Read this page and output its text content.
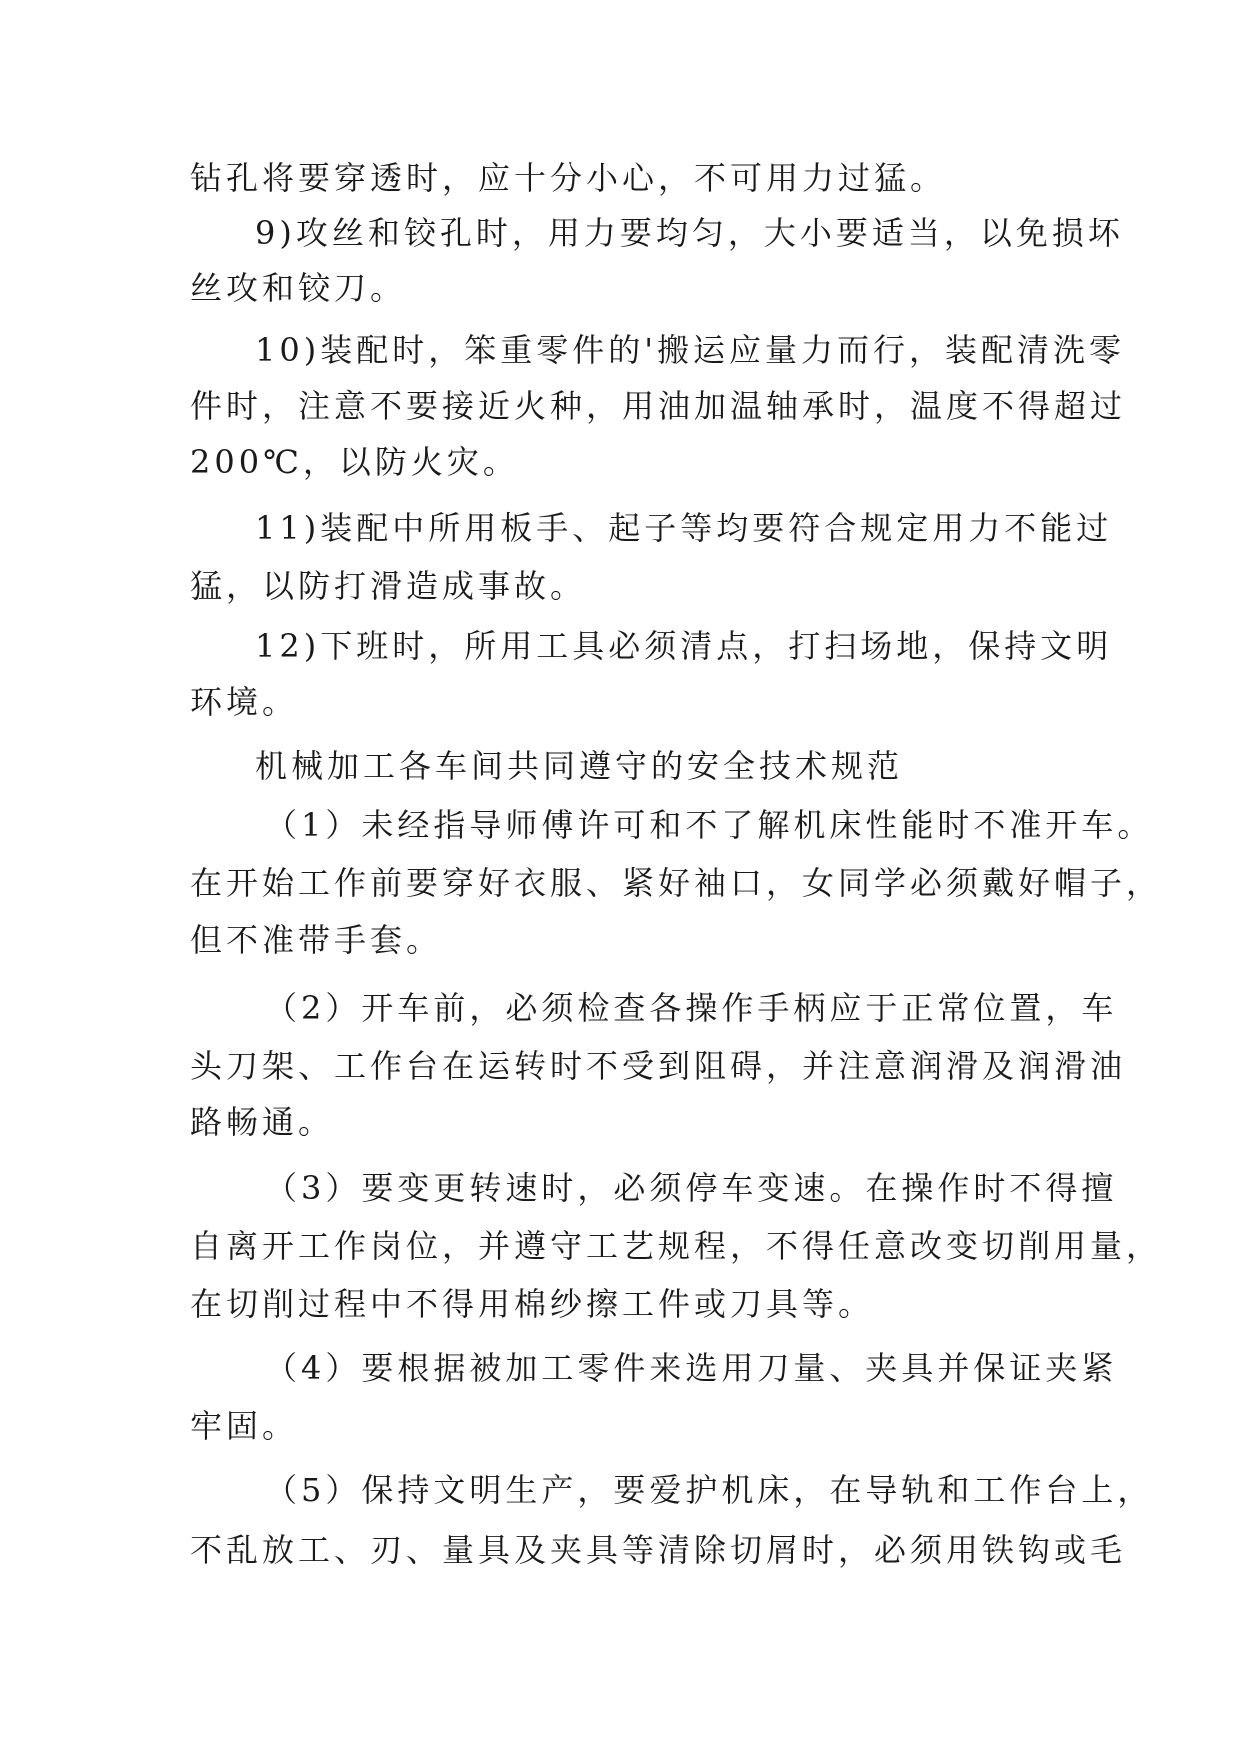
钻孔将要穿透时，应十分小心，不可用力过猛。

9)攻丝和铰孔时，用力要均匀，大小要适当，以免损坏

丝攻和铰刀。

10)装配时，笨重零件的'搬运应量力而行，装配清洗零

件时，注意不要接近火种，用油加温轴承时，温度不得超过

200℃，以防火灾。

11)装配中所用板手、起子等均要符合规定用力不能过

猛，以防打滑造成事故。

12)下班时，所用工具必须清点，打扫场地，保持文明

环境。

机械加工各车间共同遵守的安全技术规范

（1）未经指导师傅许可和不了解机床性能时不准开车。

在开始工作前要穿好衣服、紧好袖口，女同学必须戴好帽子，

但不准带手套。

（2）开车前，必须检查各操作手柄应于正常位置，车

头刀架、工作台在运转时不受到阻碍，并注意润滑及润滑油

路畅通。

（3）要变更转速时，必须停车变速。在操作时不得擅

自离开工作岗位，并遵守工艺规程，不得任意改变切削用量，

在切削过程中不得用棉纱擦工件或刀具等。

（4）要根据被加工零件来选用刀量、夹具并保证夹紧

牢固。

（5）保持文明生产，要爱护机床，在导轨和工作台上，

不乱放工、刃、量具及夹具等清除切屑时，必须用铁钩或毛
